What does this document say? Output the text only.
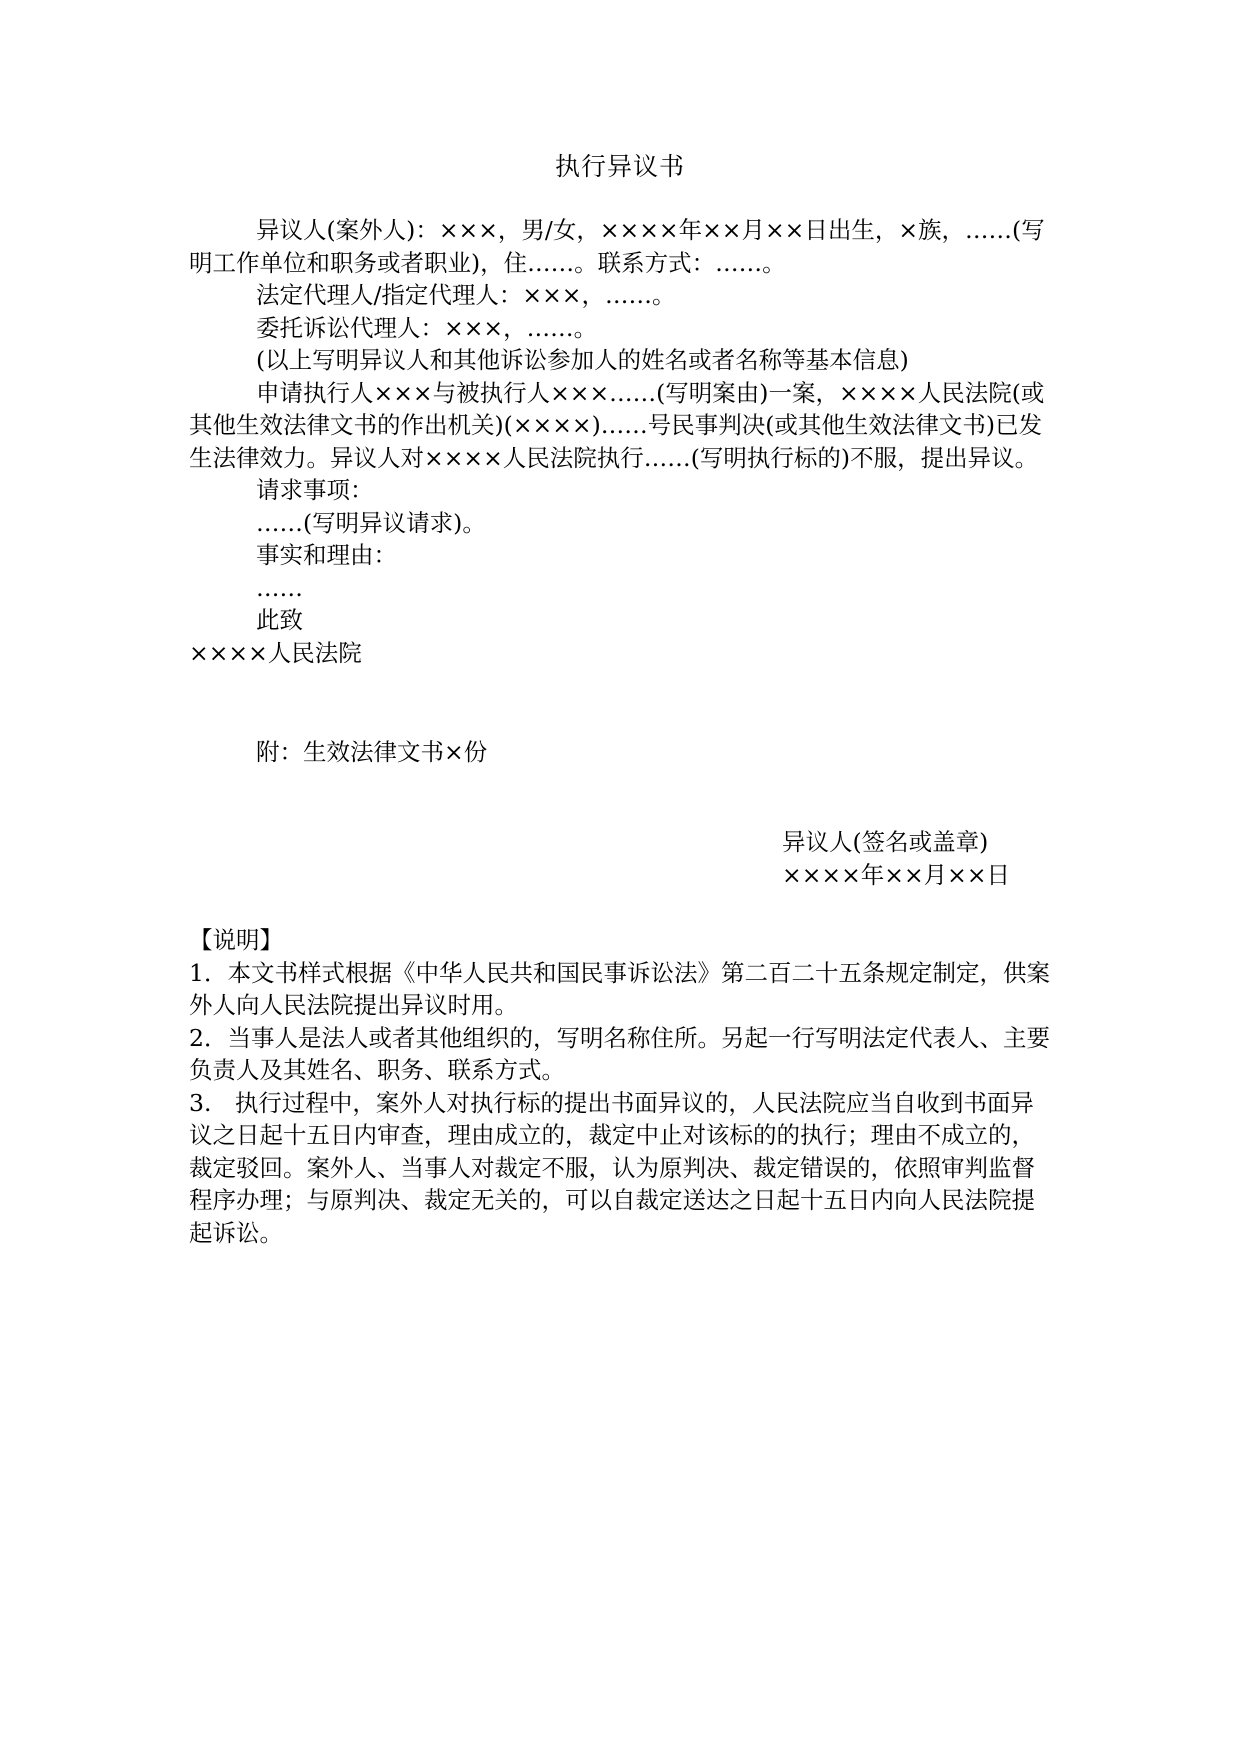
执行异议书

异议人(案外人)：×××，男/女，××××年××月××日出生，×族，……(写明工作单位和职务或者职业)，住……。联系方式：……。

法定代理人/指定代理人：×××，……。

委托诉讼代理人：×××，……。

(以上写明异议人和其他诉讼参加人的姓名或者名称等基本信息)

申请执行人×××与被执行人×××……(写明案由)一案，××××人民法院(或其他生效法律文书的作出机关)(××××)……号民事判决(或其他生效法律文书)已发生法律效力。异议人对××××人民法院执行……(写明执行标的)不服，提出异议。

请求事项：

……(写明异议请求)。

事实和理由：

……

此致

××××人民法院

附：生效法律文书×份

异议人(签名或盖章)
××××年××月××日

【说明】

1．本文书样式根据《中华人民共和国民事诉讼法》第二百二十五条规定制定，供案外人向人民法院提出异议时用。

2．当事人是法人或者其他组织的，写明名称住所。另起一行写明法定代表人、主要负责人及其姓名、职务、联系方式。

3.　执行过程中，案外人对执行标的提出书面异议的，人民法院应当自收到书面异议之日起十五日内审查，理由成立的，裁定中止对该标的的执行；理由不成立的，裁定驳回。案外人、当事人对裁定不服，认为原判决、裁定错误的，依照审判监督程序办理；与原判决、裁定无关的，可以自裁定送达之日起十五日内向人民法院提起诉讼。
